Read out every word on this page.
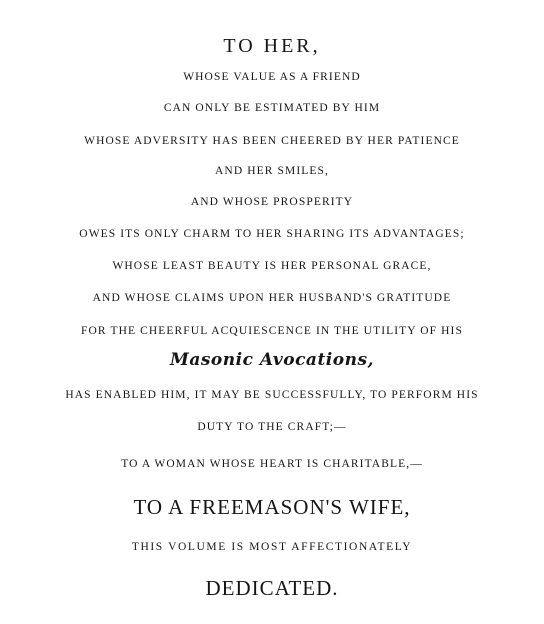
TO HER,
WHOSE VALUE AS A FRIEND
CAN ONLY BE ESTIMATED BY HIM
WHOSE ADVERSITY HAS BEEN CHEERED BY HER PATIENCE
AND HER SMILES,
AND WHOSE PROSPERITY
OWES ITS ONLY CHARM TO HER SHARING ITS ADVANTAGES;
WHOSE LEAST BEAUTY IS HER PERSONAL GRACE,
AND WHOSE CLAIMS UPON HER HUSBAND'S GRATITUDE
FOR THE CHEERFUL ACQUIESCENCE IN THE UTILITY OF HIS
Masonic Avocations,
HAS ENABLED HIM, IT MAY BE SUCCESSFULLY, TO PERFORM HIS
DUTY TO THE CRAFT;—
TO A WOMAN WHOSE HEART IS CHARITABLE,—
TO A FREEMASON'S WIFE,
THIS VOLUME IS MOST AFFECTIONATELY
DEDICATED.
